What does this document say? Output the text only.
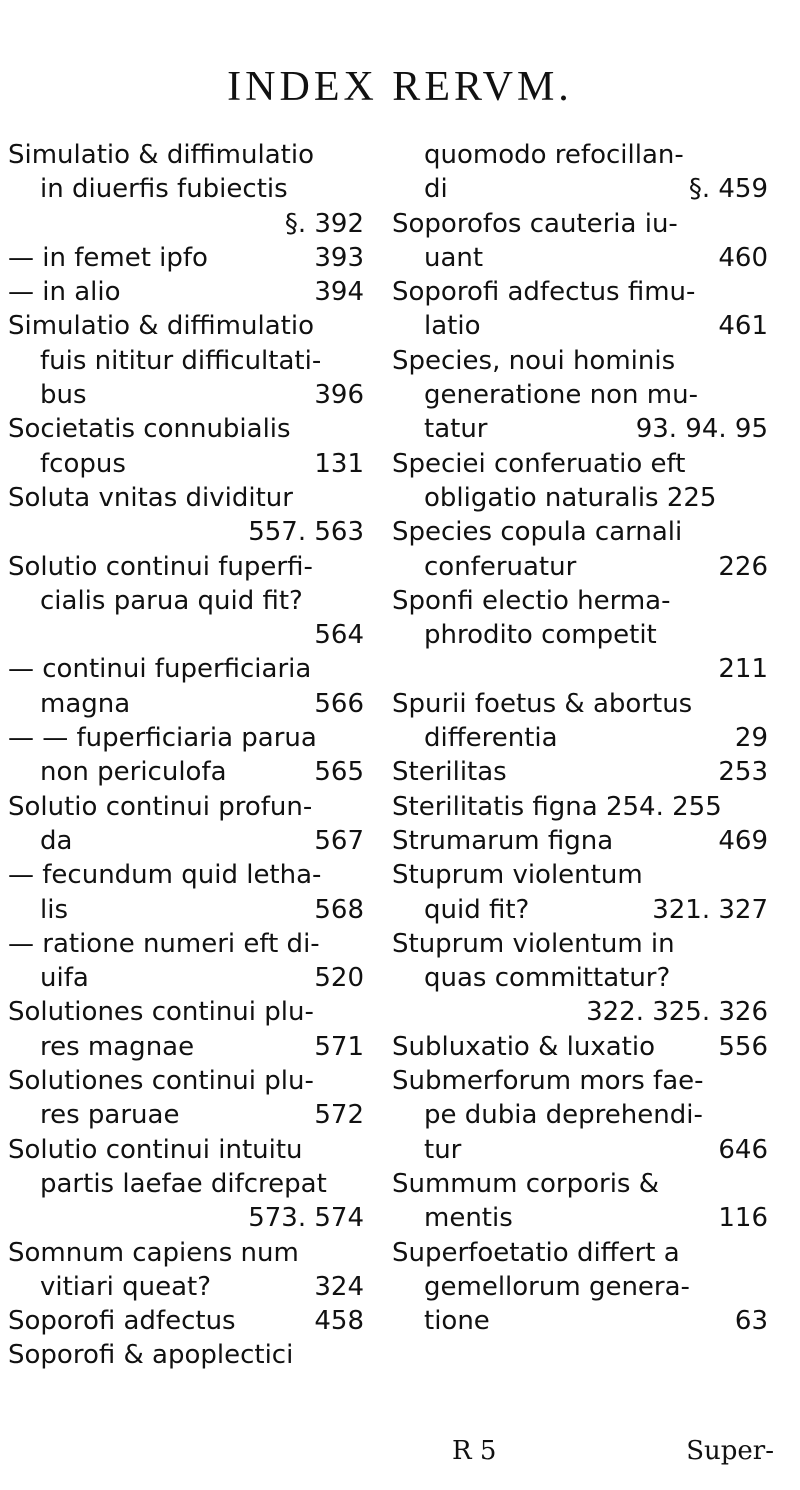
INDEX RERVM.
Simulatio & diffimulatio
in diuerfis fubiectis
§. 392
— in femet ipfo	393
— in alio	394
Simulatio & diffimulatio
fuis nititur difficultati-
bus	396
Societatis connubialis
fcopus	131
Soluta vnitas dividitur
557. 563
Solutio continui fuperfi-
cialis parua quid fit?
564
— continui fuperficiaria
magna	566
— — fuperficiaria parua
non periculofa	565
Solutio continui profun-
da	567
— fecundum quid letha-
lis	568
— ratione numeri eft di-
uifa	520
Solutiones continui plu-
res magnae	571
Solutiones continui plu-
res paruae	572
Solutio continui intuitu
partis laefae difcrepat
573. 574
Somnum capiens num
vitiari queat?	324
Soporofi adfectus	458
Soporofi & apoplectici
quomodo refocillan-
di	§. 459
Soporofos cauteria iu-
uant	460
Soporofi adfectus fimu-
latio	461
Species, noui hominis
generatione non mu-
tatur	93. 94. 95
Speciei conferuatio eft
obligatio naturalis 225
Species copula carnali
conferuatur	226
Sponfi electio herma-
phrodito competit
211
Spurii foetus & abortus
differentia	29
Sterilitas	253
Sterilitatis figna 254. 255
Strumarum figna	469
Stuprum violentum
quid fit?	321. 327
Stuprum violentum in
quas committatur?
322. 325. 326
Subluxatio & luxatio 556
Submerforum mors fae-
pe dubia deprehendi-
tur	646
Summum corporis &
mentis	116
Superfoetatio differt a
gemellorum genera-
tione	63
R 5	Super-
